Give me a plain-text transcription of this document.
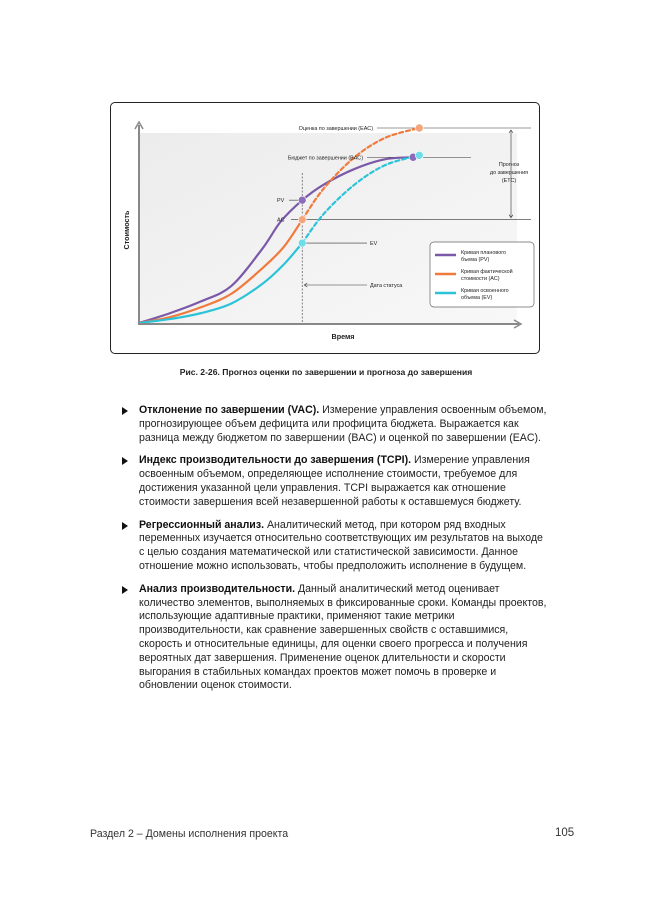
Время
Стоимость
Прогноз
до завершения
(ETC)
Оценка по завершении (EAC)
Бюджет по завершении (BAC)
PV
AC
EV
Дата статуса
Кривая планового
бъема (PV)
Кривая фактической
стоимости (AC)
Кривая освоенного
объема (EV)
Рис. 2-26. Прогноз оценки по завершении и прогноза до завершения
Отклонение по завершении (VAC). Измерение управления освоенным объемом, прогнозирующее объем дефицита или профицита бюджета. Выражается как разница между бюджетом по завершении (BAC) и оценкой по завершении (EAC).
Индекс производительности до завершения (TCPI). Измерение управления освоенным объемом, определяющее исполнение стоимости, требуемое для достижения указанной цели управления. TCPI выражается как отношение стоимости завершения всей незавершенной работы к оставшемуся бюджету.
Регрессионный анализ. Аналитический метод, при котором ряд входных переменных изучается относительно соответствующих им результатов на выходе с целью создания математической или статистической зависимости. Данное отношение можно использовать, чтобы предположить исполнение в будущем.
Анализ производительности. Данный аналитический метод оценивает количество элементов, выполняемых в фиксированные сроки. Команды проектов, использующие адаптивные практики, применяют такие метрики производительности, как сравнение завершенных свойств с оставшимися, скорость и относительные единицы, для оценки своего прогресса и получения вероятных дат завершения. Применение оценок длительности и скорости выгорания в стабильных командах проектов может помочь в проверке и обновлении оценок стоимости.
Раздел 2 – Домены исполнения проекта	105
